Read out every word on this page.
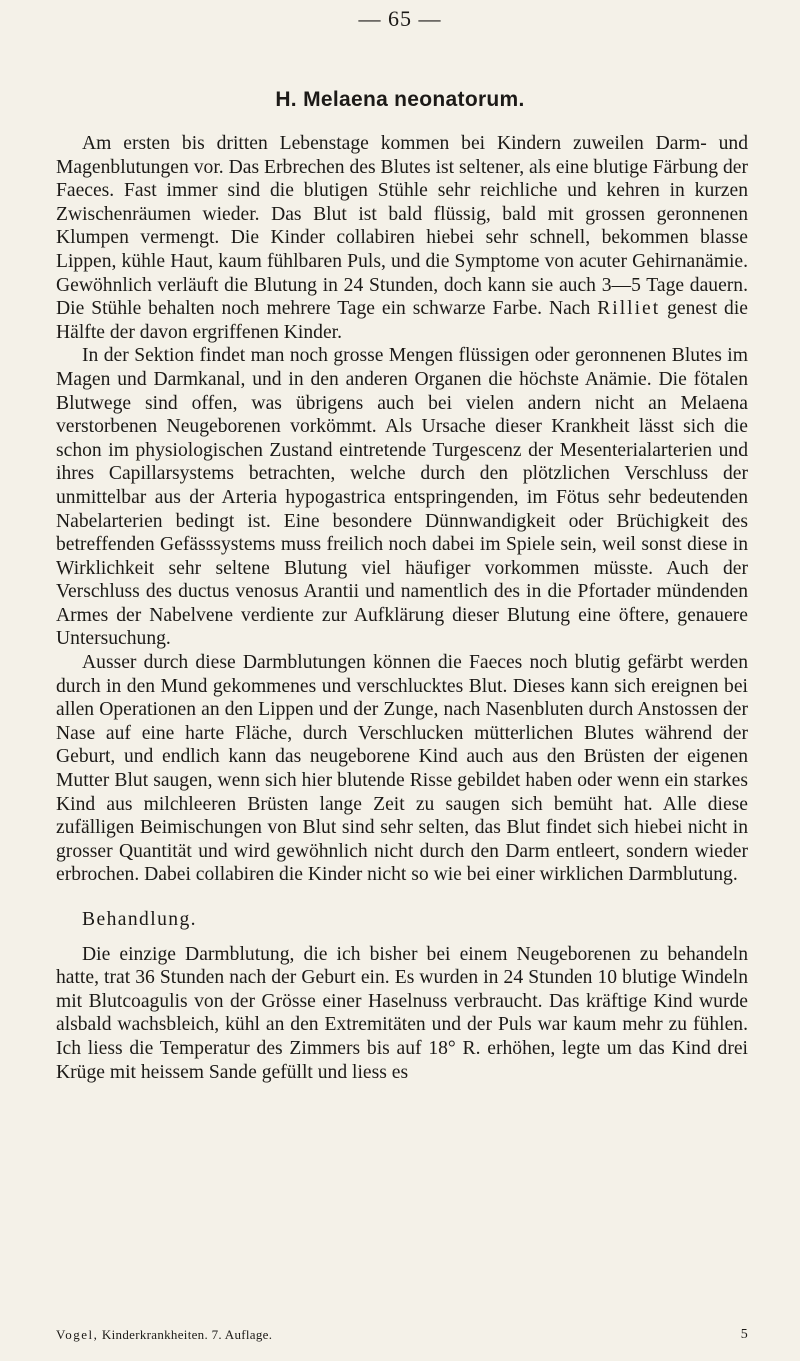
— 65 —
H. Melaena neonatorum.

Am ersten bis dritten Lebenstage kommen bei Kindern zuweilen Darm- und Magenblutungen vor. Das Erbrechen des Blutes ist seltener, als eine blutige Färbung der Faeces. Fast immer sind die blutigen Stühle sehr reichliche und kehren in kurzen Zwischenräumen wieder. Das Blut ist bald flüssig, bald mit grossen geronnenen Klumpen vermengt. Die Kinder collabiren hiebei sehr schnell, bekommen blasse Lippen, kühle Haut, kaum fühlbaren Puls, und die Symptome von acuter Gehirnanämie. Gewöhnlich verläuft die Blutung in 24 Stunden, doch kann sie auch 3—5 Tage dauern. Die Stühle behalten noch mehrere Tage ein schwarze Farbe. Nach Rilliet genest die Hälfte der davon ergriffenen Kinder.

In der Sektion findet man noch grosse Mengen flüssigen oder geronnenen Blutes im Magen und Darmkanal, und in den anderen Organen die höchste Anämie. Die fötalen Blutwege sind offen, was übrigens auch bei vielen andern nicht an Melaena verstorbenen Neugeborenen vorkömmt. Als Ursache dieser Krankheit lässt sich die schon im physiologischen Zustand eintretende Turgescenz der Mesenterialarterien und ihres Capillarsystems betrachten, welche durch den plötzlichen Verschluss der unmittelbar aus der Arteria hypogastrica entspringenden, im Fötus sehr bedeutenden Nabelarterien bedingt ist. Eine besondere Dünnwandigkeit oder Brüchigkeit des betreffenden Gefässsystems muss freilich noch dabei im Spiele sein, weil sonst diese in Wirklichkeit sehr seltene Blutung viel häufiger vorkommen müsste. Auch der Verschluss des ductus venosus Arantii und namentlich des in die Pfortader mündenden Armes der Nabelvene verdiente zur Aufklärung dieser Blutung eine öftere, genauere Untersuchung.

Ausser durch diese Darmblutungen können die Faeces noch blutig gefärbt werden durch in den Mund gekommenes und verschlucktes Blut. Dieses kann sich ereignen bei allen Operationen an den Lippen und der Zunge, nach Nasenbluten durch Anstossen der Nase auf eine harte Fläche, durch Verschlucken mütterlichen Blutes während der Geburt, und endlich kann das neugeborene Kind auch aus den Brüsten der eigenen Mutter Blut saugen, wenn sich hier blutende Risse gebildet haben oder wenn ein starkes Kind aus milchleeren Brüsten lange Zeit zu saugen sich bemüht hat. Alle diese zufälligen Beimischungen von Blut sind sehr selten, das Blut findet sich hiebei nicht in grosser Quantität und wird gewöhnlich nicht durch den Darm entleert, sondern wieder erbrochen. Dabei collabiren die Kinder nicht so wie bei einer wirklichen Darmblutung.

Behandlung.

Die einzige Darmblutung, die ich bisher bei einem Neugeborenen zu behandeln hatte, trat 36 Stunden nach der Geburt ein. Es wurden in 24 Stunden 10 blutige Windeln mit Blutcoagulis von der Grösse einer Haselnuss verbraucht. Das kräftige Kind wurde alsbald wachsbleich, kühl an den Extremitäten und der Puls war kaum mehr zu fühlen. Ich liess die Temperatur des Zimmers bis auf 18° R. erhöhen, legte um das Kind drei Krüge mit heissem Sande gefüllt und liess es

Vogel, Kinderkrankheiten. 7. Auflage.	5
